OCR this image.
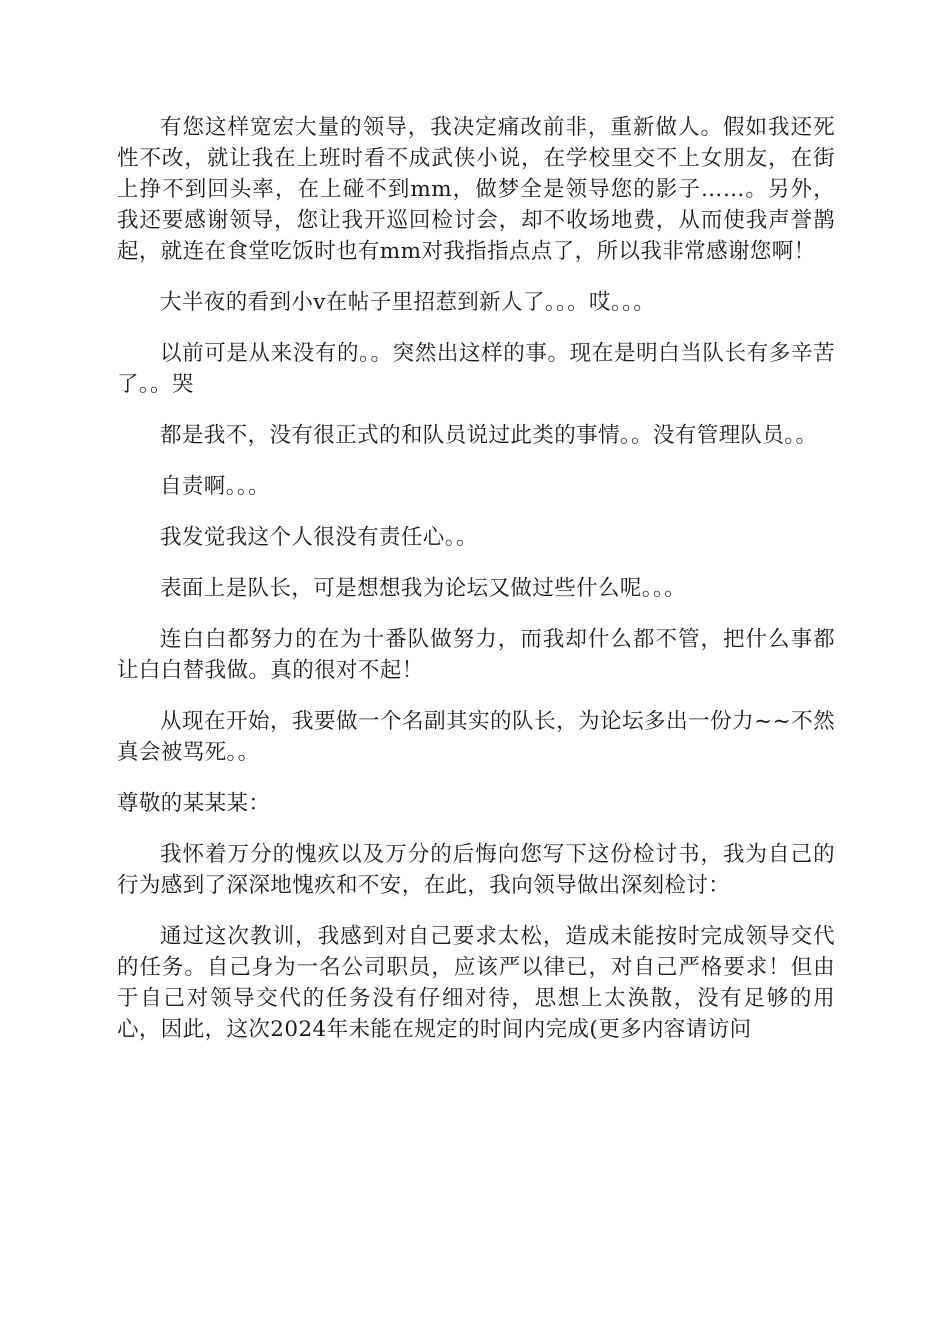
有您这样宽宏大量的领导，我决定痛改前非，重新做人。假如我还死性不改，就让我在上班时看不成武侠小说，在学校里交不上女朋友，在街上挣不到回头率，在上碰不到mm，做梦全是领导您的影子……。另外，我还要感谢领导，您让我开巡回检讨会，却不收场地费，从而使我声誉鹊起，就连在食堂吃饭时也有mm对我指指点点了，所以我非常感谢您啊！

大半夜的看到小v在帖子里招惹到新人了。。。哎。。。

以前可是从来没有的。。突然出这样的事。现在是明白当队长有多辛苦了。。哭

都是我不，没有很正式的和队员说过此类的事情。。没有管理队员。。

自责啊。。。

我发觉我这个人很没有责任心。。

表面上是队长，可是想想我为论坛又做过些什么呢。。。

连白白都努力的在为十番队做努力，而我却什么都不管，把什么事都让白白替我做。真的很对不起！

从现在开始，我要做一个名副其实的队长，为论坛多出一份力~~不然真会被骂死。。

尊敬的某某某：

我怀着万分的愧疚以及万分的后悔向您写下这份检讨书，我为自己的行为感到了深深地愧疚和不安，在此，我向领导做出深刻检讨：

通过这次教训，我感到对自己要求太松，造成未能按时完成领导交代的任务。自己身为一名公司职员，应该严以律已，对自己严格要求！但由于自己对领导交代的任务没有仔细对待，思想上太涣散，没有足够的用心，因此，这次2024年未能在规定的时间内完成(更多内容请访问
